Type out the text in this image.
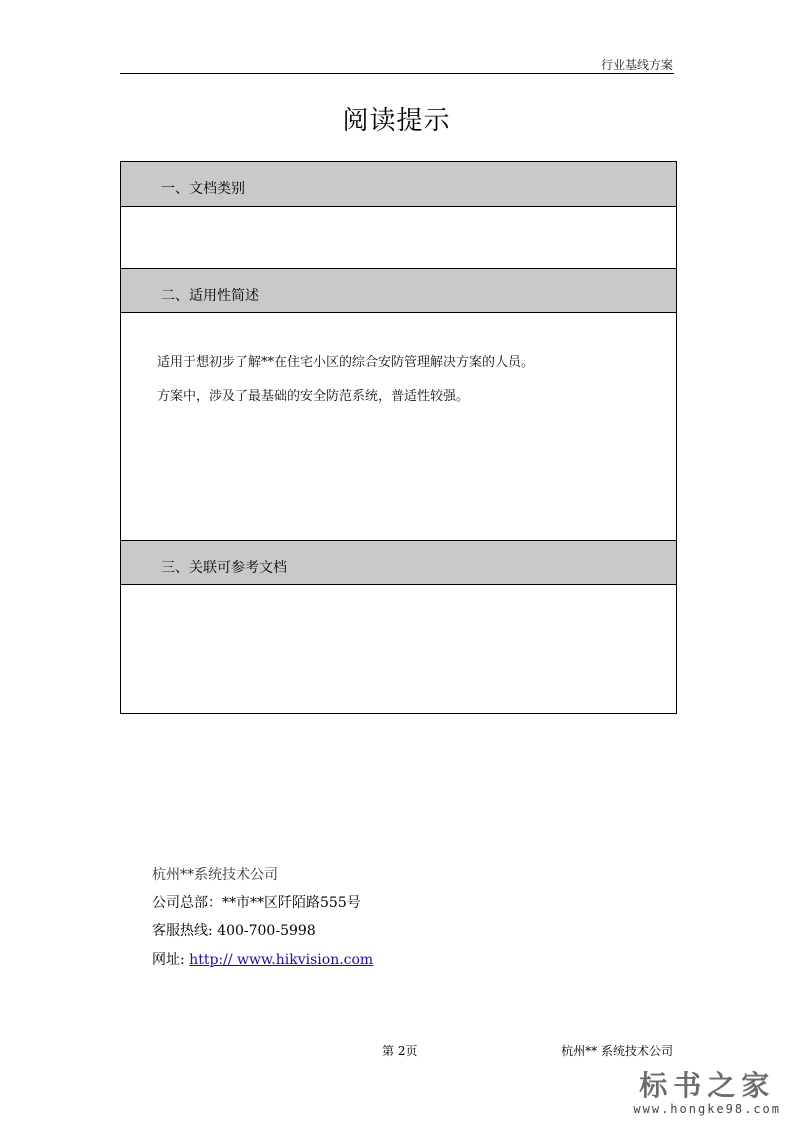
行业基线方案
阅读提示
一、文档类别
二、适用性简述

适用于想初步了解**在住宅小区的综合安防管理解决方案的人员。

方案中，涉及了最基础的安全防范系统，普适性较强。

三、关联可参考文档
杭州**系统技术公司
公司总部：**市**区阡陌路555号
客服热线: 400-700-5998
网址: http:// www.hikvision.com
第 2页	杭州** 系统技术公司
标书之家
www.hongke98.com
